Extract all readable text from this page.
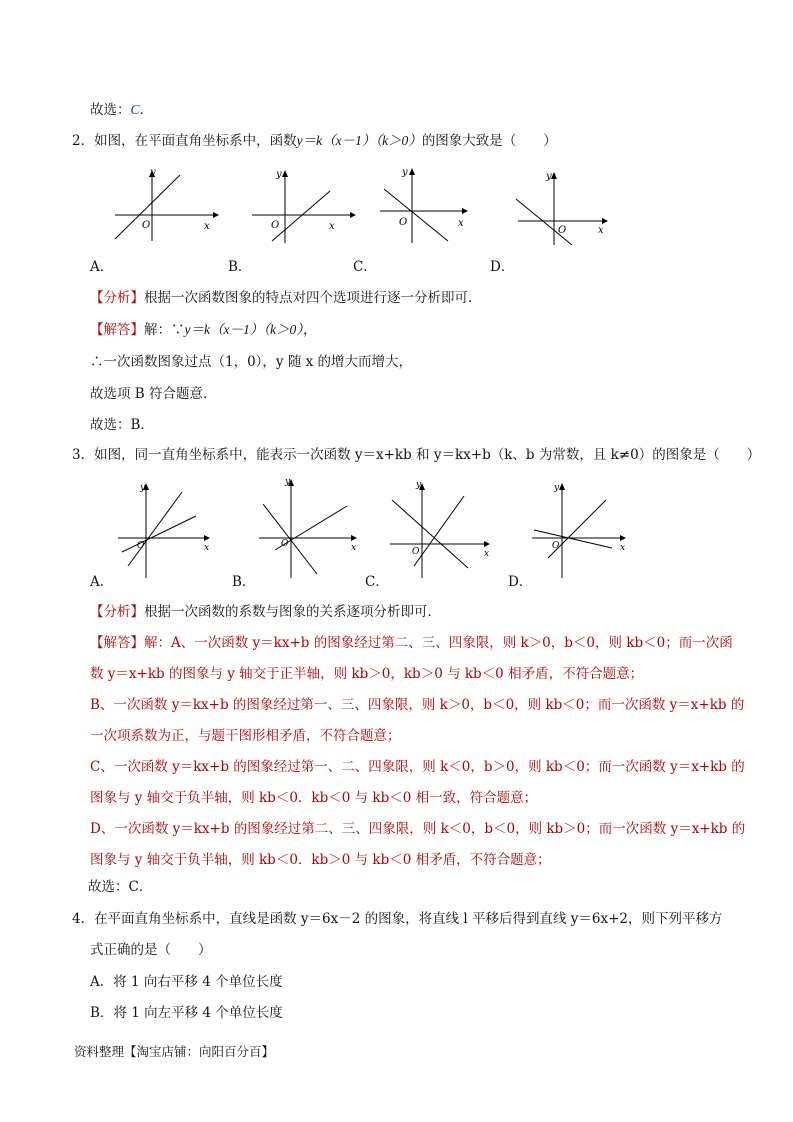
故选：C．
2．如图，在平面直角坐标系中，函数y＝k（x－1）（k＞0）的图象大致是（　　）
y
x
O
y
x
O
y
x
O
y
x
O
A．	B．	C．	D．
【分析】根据一次函数图象的特点对四个选项进行逐一分析即可．
【解答】解：∵y＝k（x－1）（k＞0），
∴一次函数图象过点（1，0），y 随 x 的增大而增大，
故选项 B 符合题意．
故选：B．
3．如图，同一直角坐标系中，能表示一次函数 y＝x+kb 和 y＝kx+b（k、b 为常数，且 k≠0）的图象是（　　）
y
x
O
y
x
O
y
x
O
y
x
O
A．	B．	C．	D．
【分析】根据一次函数的系数与图象的关系逐项分析即可．
【解答】解：A、一次函数 y＝kx+b 的图象经过第二、三、四象限，则 k＞0，b＜0，则 kb＜0；而一次函
数 y＝x+kb 的图象与 y 轴交于正半轴，则 kb＞0，kb＞0 与 kb＜0 相矛盾，不符合题意；
B、一次函数 y＝kx+b 的图象经过第一、三、四象限，则 k＞0，b＜0，则 kb＜0；而一次函数 y＝x+kb 的
一次项系数为正，与题干图形相矛盾，不符合题意；
C、一次函数 y＝kx+b 的图象经过第一、二、四象限，则 k＜0，b＞0，则 kb＜0；而一次函数 y＝x+kb 的
图象与 y 轴交于负半轴，则 kb＜0．kb＜0 与 kb＜0 相一致，符合题意；
D、一次函数 y＝kx+b 的图象经过第二、三、四象限，则 k＜0，b＜0，则 kb＞0；而一次函数 y＝x+kb 的
图象与 y 轴交于负半轴，则 kb＜0．kb＞0 与 kb＜0 相矛盾，不符合题意；
故选：C．
4．在平面直角坐标系中，直线是函数 y＝6x－2 的图象，将直线 l 平移后得到直线 y＝6x+2，则下列平移方
式正确的是（　　）
A．将 1 向右平移 4 个单位长度
B．将 1 向左平移 4 个单位长度
资料整理【淘宝店铺：向阳百分百】
